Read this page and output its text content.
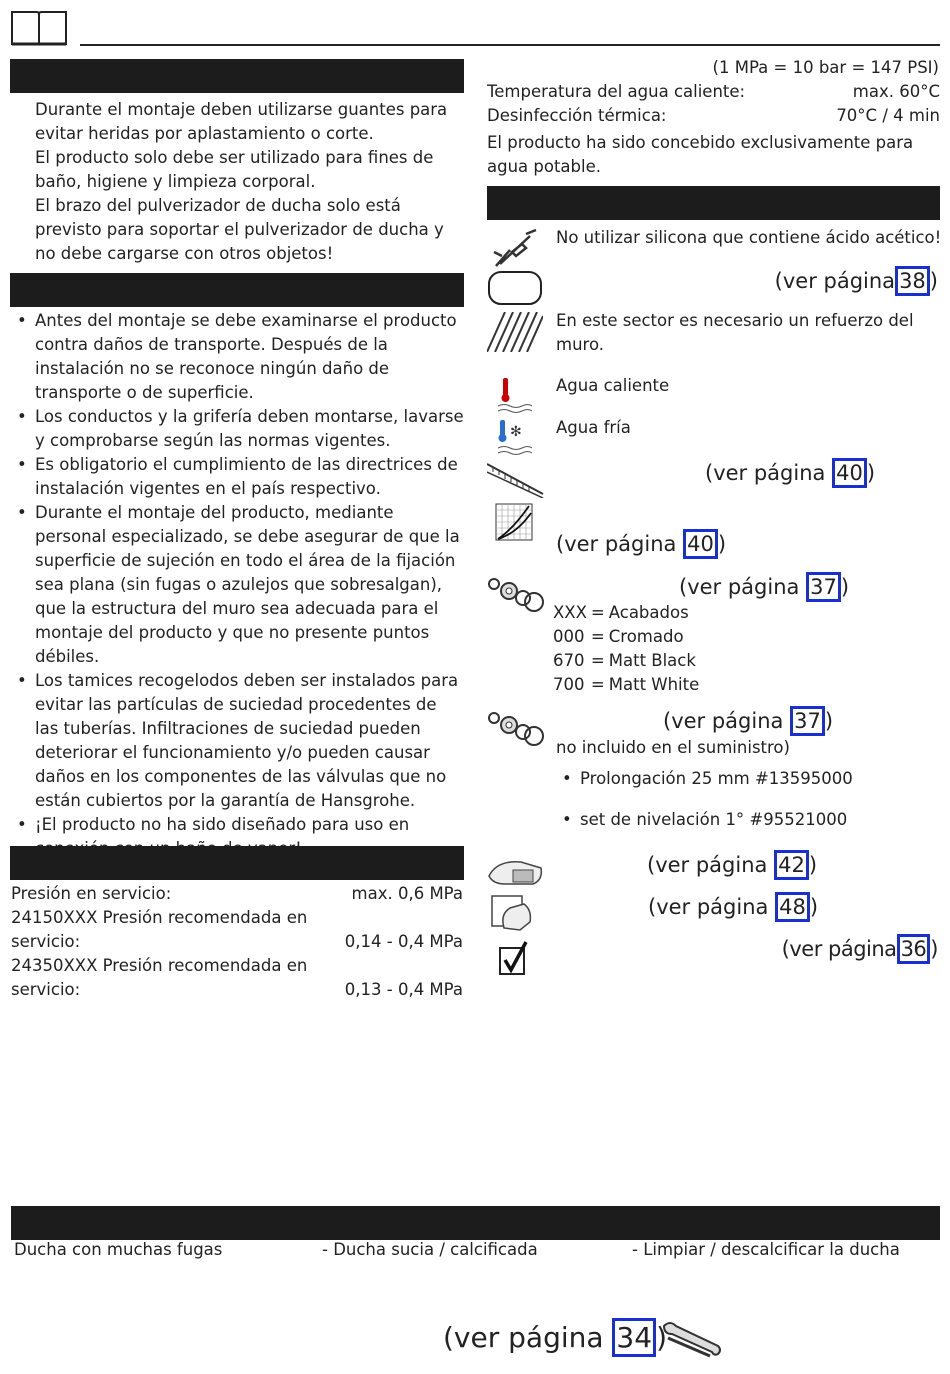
Durante el montaje deben utilizarse guantes para evitar heridas por aplastamiento o corte.

El producto solo debe ser utilizado para fines de baño, higiene y limpieza corporal.

El brazo del pulverizador de ducha solo está previsto para soportar el pulverizador de ducha y no debe cargarse con otros objetos!

• Antes del montaje se debe examinarse el producto contra daños de transporte. Después de la instalación no se reconoce ningún daño de transporte o de superficie.
• Los conductos y la grifería deben montarse, lavarse y comprobarse según las normas vigentes.
• Es obligatorio el cumplimiento de las directrices de instalación vigentes en el país respectivo.
• Durante el montaje del producto, mediante personal especializado, se debe asegurar de que la superficie de sujeción en todo el área de la fijación sea plana (sin fugas o azulejos que sobresalgan), que la estructura del muro sea adecuada para el montaje del producto y que no presente puntos débiles.
• Los tamices recogelodos deben ser instalados para evitar las partículas de suciedad procedentes de las tuberías. Infiltraciones de suciedad pueden deteriorar el funcionamiento y/o pueden causar daños en los componentes de las válvulas que no están cubiertos por la garantía de Hansgrohe.
• ¡El producto no ha sido diseñado para uso en
Presión en servicio:	max. 0,6 MPa

24150XXX Presión recomendada en

servicio:	0,14 - 0,4 MPa

24350XXX Presión recomendada en

servicio:	0,13 - 0,4 MPa
(1 MPa = 10 bar = 147 PSI)
Temperatura del agua caliente:	max. 60°C
Desinfección térmica:	70°C / 4 min
El producto ha sido concebido exclusivamente para agua potable.
No utilizar silicona que contiene ácido acético!
(ver página 38 )
En este sector es necesario un refuerzo del muro.
Agua caliente
✻ Agua fría
(ver página 40 )
(ver página 40 )
(ver página 37 )
XXX	=	Acabados
000	=	Cromado
670	=	Matt Black
700	=	Matt White
(ver página 37 )
no incluido en el suministro)
• Prolongación 25 mm #13595000
• set de nivelación 1° #95521000
(ver página 42 )
(ver página 48 )
(ver página 36 )
Ducha con muchas fugas	- Ducha sucia / calcificada	- Limpiar / descalcificar la ducha
(ver página 34 )
